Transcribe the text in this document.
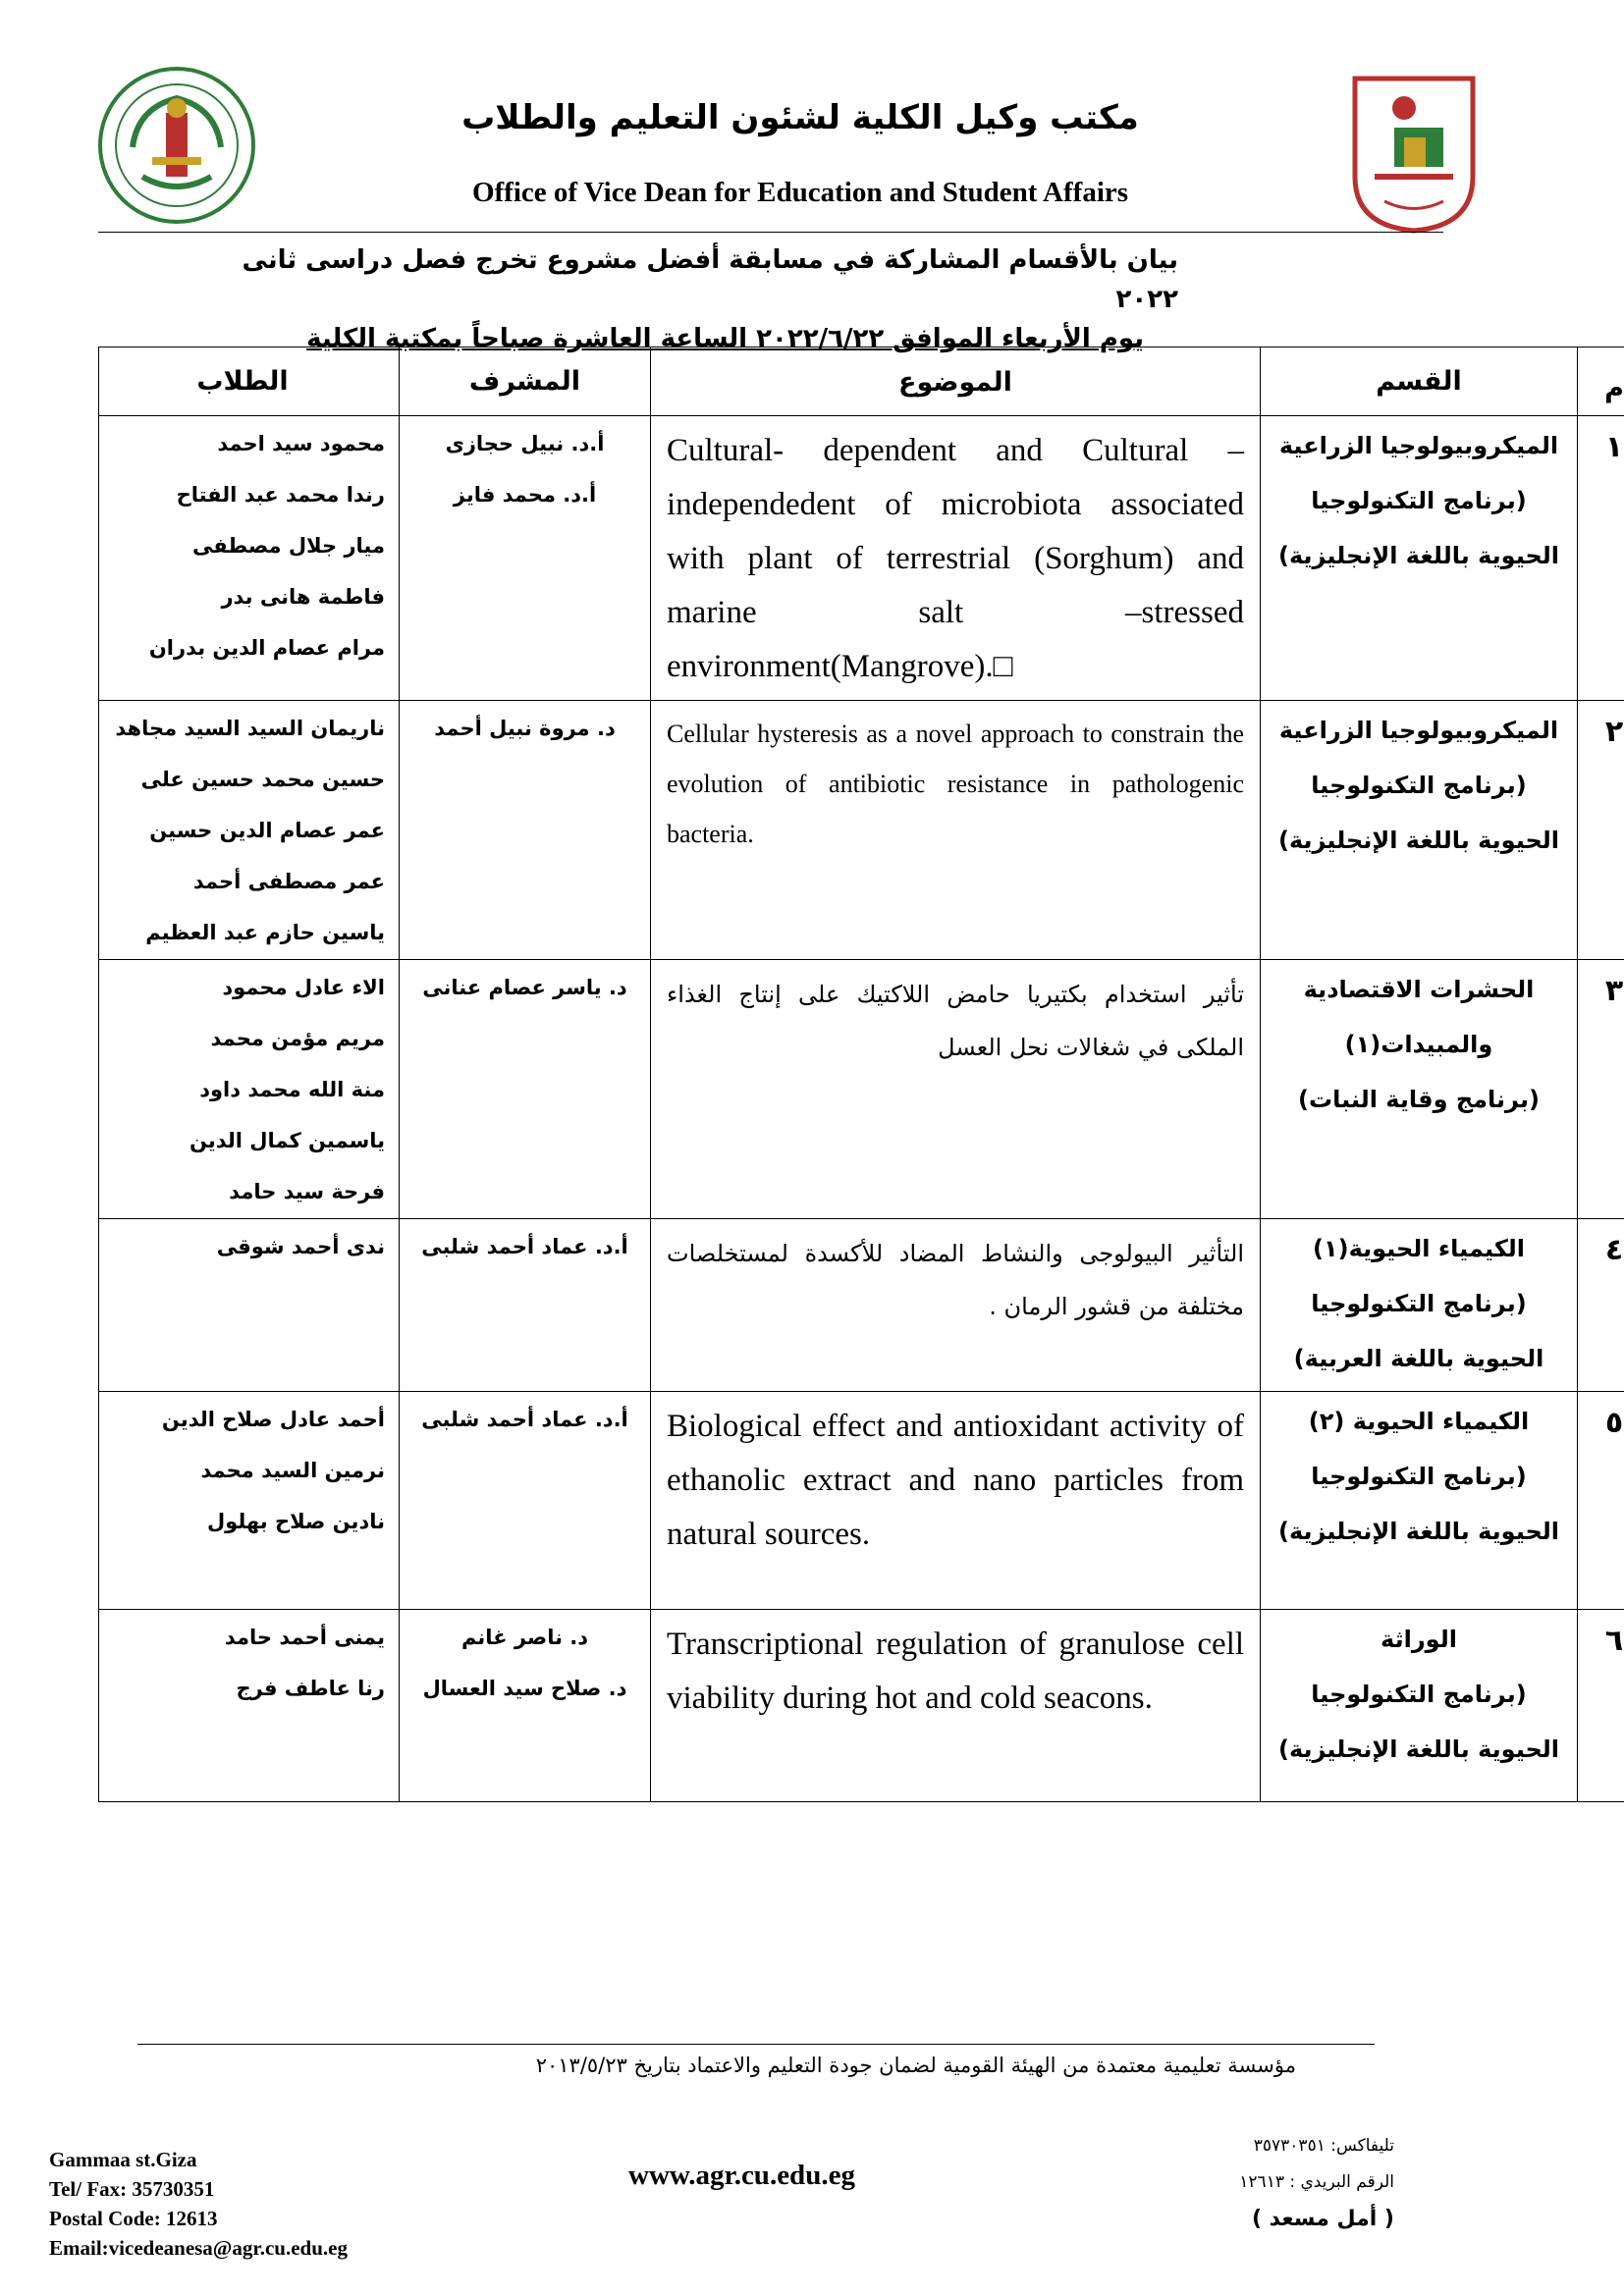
مكتب وكيل الكلية لشئون التعليم والطلاب
Office of Vice Dean for Education and Student Affairs
بيان بالأقسام المشاركة في مسابقة أفضل مشروع تخرج فصل دراسى ثانى ٢٠٢٢
يوم الأربعاء الموافق ٢٠٢٢/٦/٢٢ الساعة العاشرة صباحاً بمكتبة الكلية
م	القسم	الموضوع	المشرف	الطلاب
١	الميكروبيولوجيا الزراعية
(برنامج التكنولوجيا
الحيوية باللغة الإنجليزية)	Cultural- dependent and Cultural – independedent of microbiota associated with plant of terrestrial (Sorghum) and marine salt –stressed environment(Mangrove).□	أ.د. نبيل حجازى
أ.د. محمد فايز	محمود سيد احمد
رندا محمد عبد الفتاح
ميار جلال مصطفى
فاطمة هانى بدر
مرام عصام الدين بدران

٢	الميكروبيولوجيا الزراعية
(برنامج التكنولوجيا
الحيوية باللغة الإنجليزية)	Cellular hysteresis as a novel approach to constrain the evolution of antibiotic resistance in pathologenic bacteria.	د. مروة نبيل أحمد	ناريمان السيد السيد مجاهد
حسين محمد حسين على
عمر عصام الدين حسين
عمر مصطفى أحمد
ياسين حازم عبد العظيم

٣	الحشرات الاقتصادية
والمبيدات(١)
(برنامج وقاية النبات)	تأثير استخدام بكتيريا حامض اللاكتيك على إنتاج الغذاء الملكى في شغالات نحل العسل	د. ياسر عصام عنانى	الاء عادل محمود
مريم مؤمن محمد
منة الله محمد داود
ياسمين كمال الدين
فرحة سيد حامد

٤	الكيمياء الحيوية(١)
(برنامج التكنولوجيا
الحيوية باللغة العربية)	التأثير البيولوجى والنشاط المضاد للأكسدة لمستخلصات مختلفة من قشور الرمان .	أ.د. عماد أحمد شلبى	ندى أحمد شوقى

٥	الكيمياء الحيوية (٢)
(برنامج التكنولوجيا
الحيوية باللغة الإنجليزية)	Biological effect and antioxidant activity of ethanolic extract and nano particles from natural sources.	أ.د. عماد أحمد شلبى	أحمد عادل صلاح الدين
نرمين السيد محمد
نادين صلاح بهلول

٦	الوراثة
(برنامج التكنولوجيا
الحيوية باللغة الإنجليزية)	Transcriptional regulation of granulose cell viability during hot and cold seacons.	د. ناصر غانم
د. صلاح سيد العسال	يمنى أحمد حامد
رنا عاطف فرج
مؤسسة تعليمية معتمدة من الهيئة القومية لضمان جودة التعليم والاعتماد بتاريخ ٢٠١٣/٥/٢٣
Gammaa st.Giza
Tel/ Fax: 35730351
Postal Code: 12613
Email:vicedeanesa@agr.cu.edu.eg
www.agr.cu.edu.eg
تليفاكس: ٣٥٧٣٠٣٥١
الرقم البريدي : ١٢٦١٣
( أمل مسعد )
